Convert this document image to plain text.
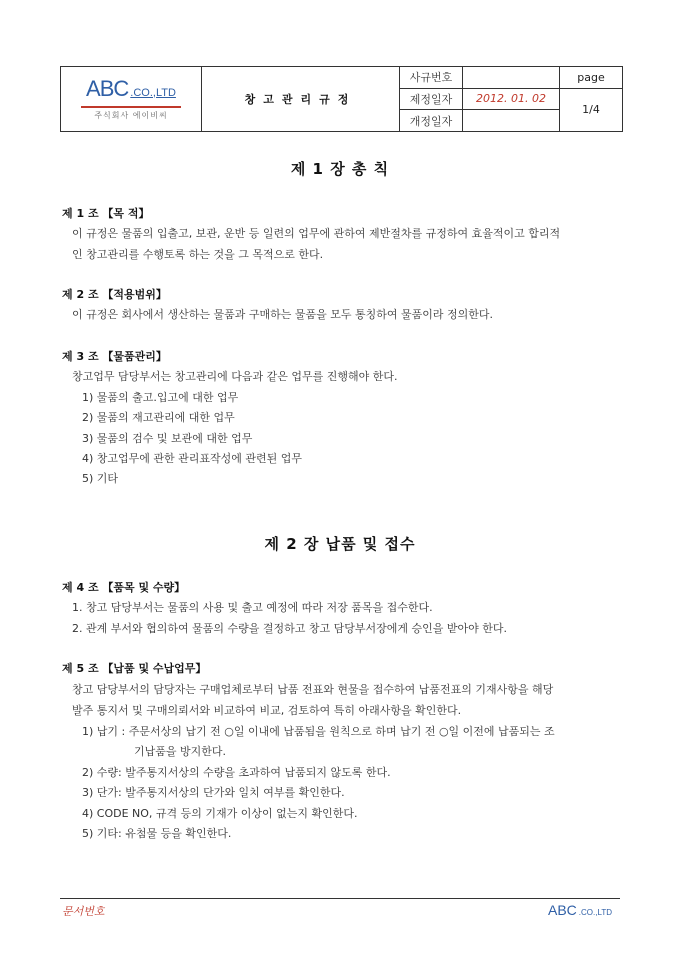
ABC .CO.,LTD
주식회사 에이비씨	창고관리규정	사규번호		page
		제정일자	2012. 01. 02	1/4
		개정일자		
제 1 장 총 칙
제 1 조 【목 적】
이 규정은 물품의 입출고, 보관, 운반 등 일련의 업무에 관하여 제반절차를 규정하여 효율적이고 합리적
인 창고관리를 수행토록 하는 것을 그 목적으로 한다.
제 2 조 【적용범위】
이 규정은 회사에서 생산하는 물품과 구매하는 물품을 모두 통칭하여 물품이라 정의한다.
제 3 조 【물품관리】
창고업무 담당부서는 창고관리에 다음과 같은 업무를 진행해야 한다.
1) 물품의 출고.입고에 대한 업무
2) 물품의 재고관리에 대한 업무
3) 물품의 검수 및 보관에 대한 업무
4) 창고업무에 관한 관리표작성에 관련된 업무
5) 기타
제 2 장 납품 및 접수
제 4 조 【품목 및 수량】
1. 창고 담당부서는 물품의 사용 및 출고 예정에 따라 저장 품목을 접수한다.
2. 관계 부서와 협의하여 물품의 수량을 결정하고 창고 담당부서장에게 승인을 받아야 한다.
제 5 조 【납품 및 수납업무】
창고 담당부서의 담당자는 구매업체로부터 납품 전표와 현물을 접수하여 납품전표의 기재사항을 해당
발주 통지서 및 구매의뢰서와 비교하여 비교, 검토하여 특히 아래사항을 확인한다.
1) 납기 : 주문서상의 납기 전 ○일 이내에 납품됨을 원칙으로 하며 납기 전 ○일 이전에 납품되는 조
기납품을 방지한다.
2) 수량: 발주통지서상의 수량을 초과하여 납품되지 않도록 한다.
3) 단가: 발주통지서상의 단가와 일치 여부를 확인한다.
4) CODE NO, 규격 등의 기재가 이상이 없는지 확인한다.
5) 기타: 유첨물 등을 확인한다.
문서번호	ABC .CO.,LTD
